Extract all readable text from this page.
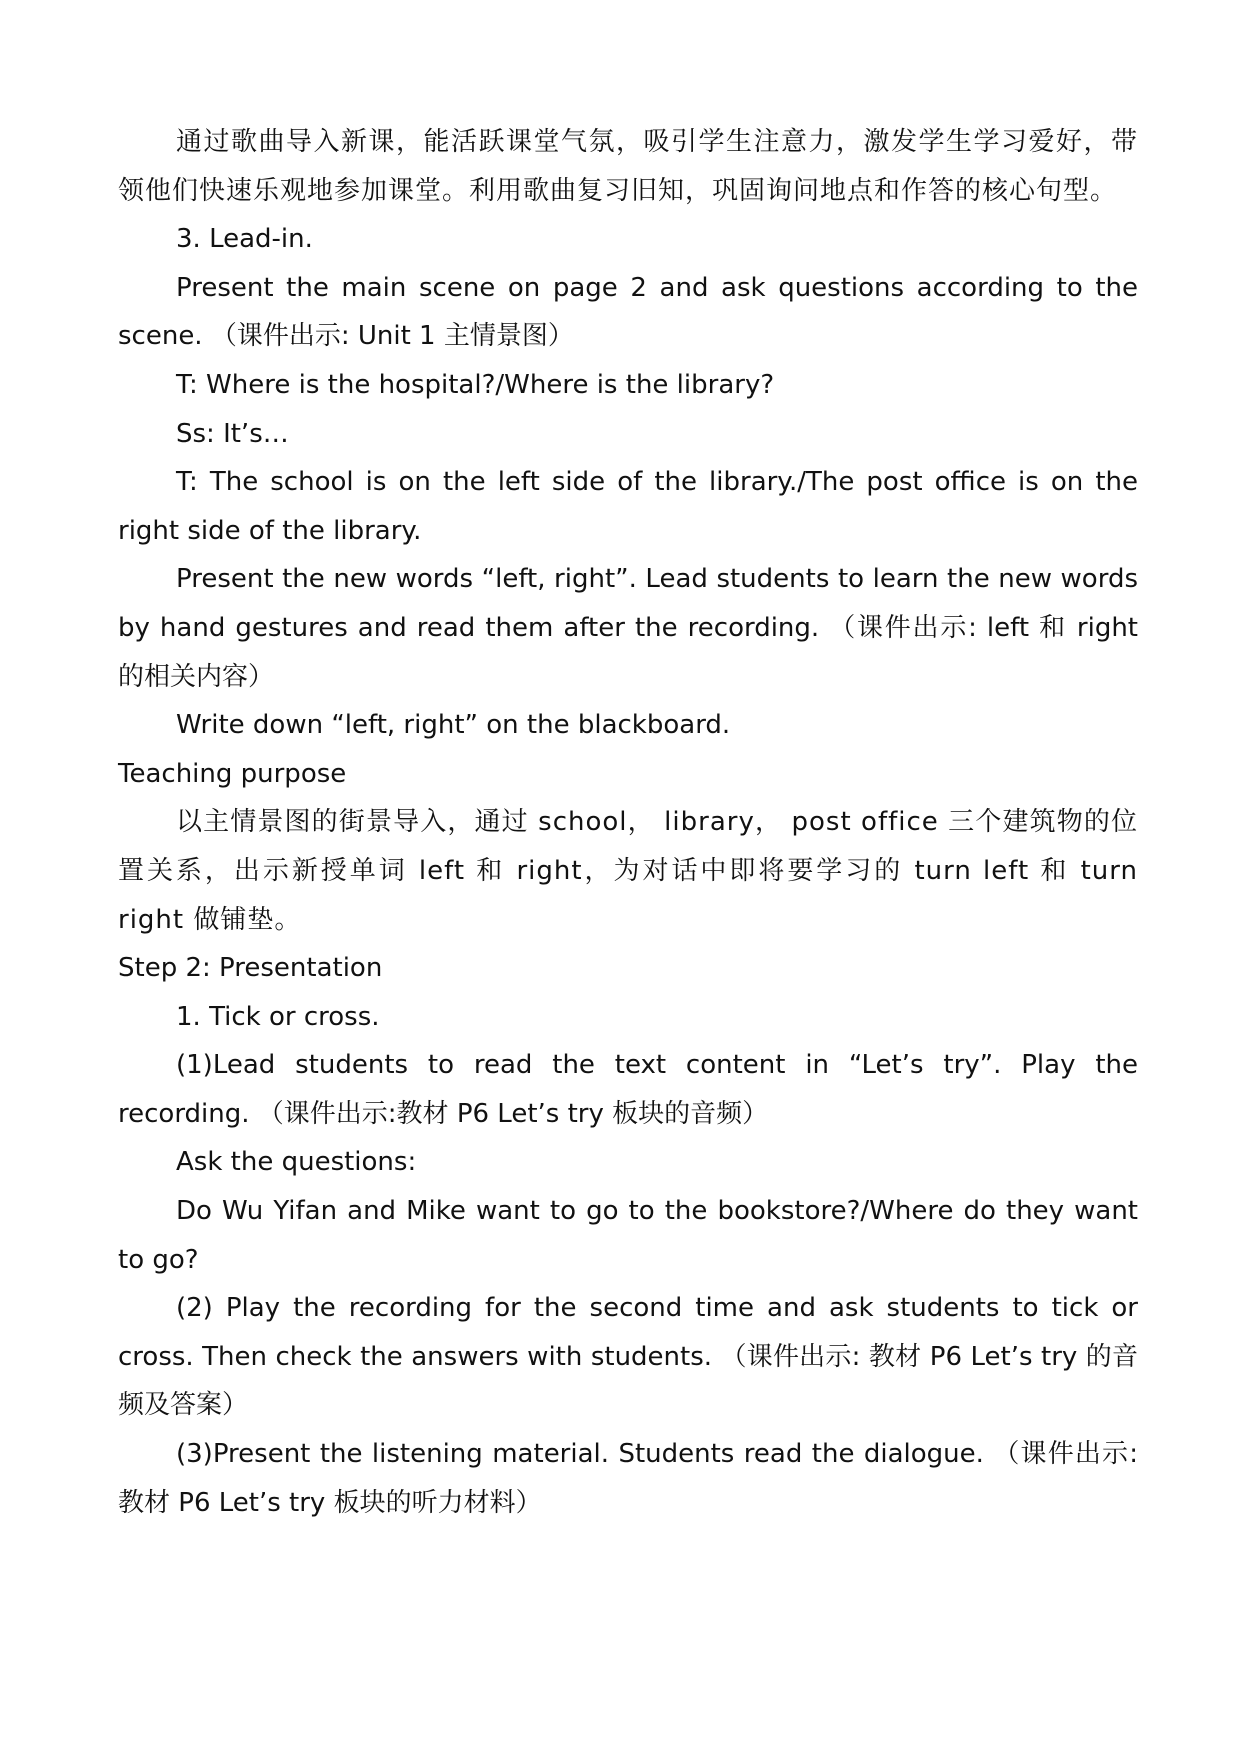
通过歌曲导入新课，能活跃课堂气氛，吸引学生注意力，激发学生学习爱好，带领他们快速乐观地参加课堂。利用歌曲复习旧知，巩固询问地点和作答的核心句型。

3. Lead-in.

Present the main scene on page 2 and ask questions according to the scene. （课件出示: Unit 1 主情景图）

T: Where is the hospital?/Where is the library?

Ss: It’s…

T: The school is on the left side of the library./The post office is on the right side of the library.

Present the new words “left, right”. Lead students to learn the new words by hand gestures and read them after the recording. （课件出示: left 和 right 的相关内容）

Write down “left, right” on the blackboard.

Teaching purpose

以主情景图的街景导入，通过 school， library， post office 三个建筑物的位置关系，出示新授单词 left 和 right，为对话中即将要学习的 turn left 和 turn right 做铺垫。

Step 2: Presentation

1. Tick or cross.

(1)Lead students to read the text content in “Let’s try”. Play the recording. （课件出示:教材 P6 Let’s try 板块的音频）

Ask the questions:

Do Wu Yifan and Mike want to go to the bookstore?/Where do they want to go?

(2) Play the recording for the second time and ask students to tick or cross. Then check the answers with students. （课件出示: 教材 P6 Let’s try 的音频及答案）

(3)Present the listening material. Students read the dialogue. （课件出示: 教材 P6 Let’s try 板块的听力材料）
